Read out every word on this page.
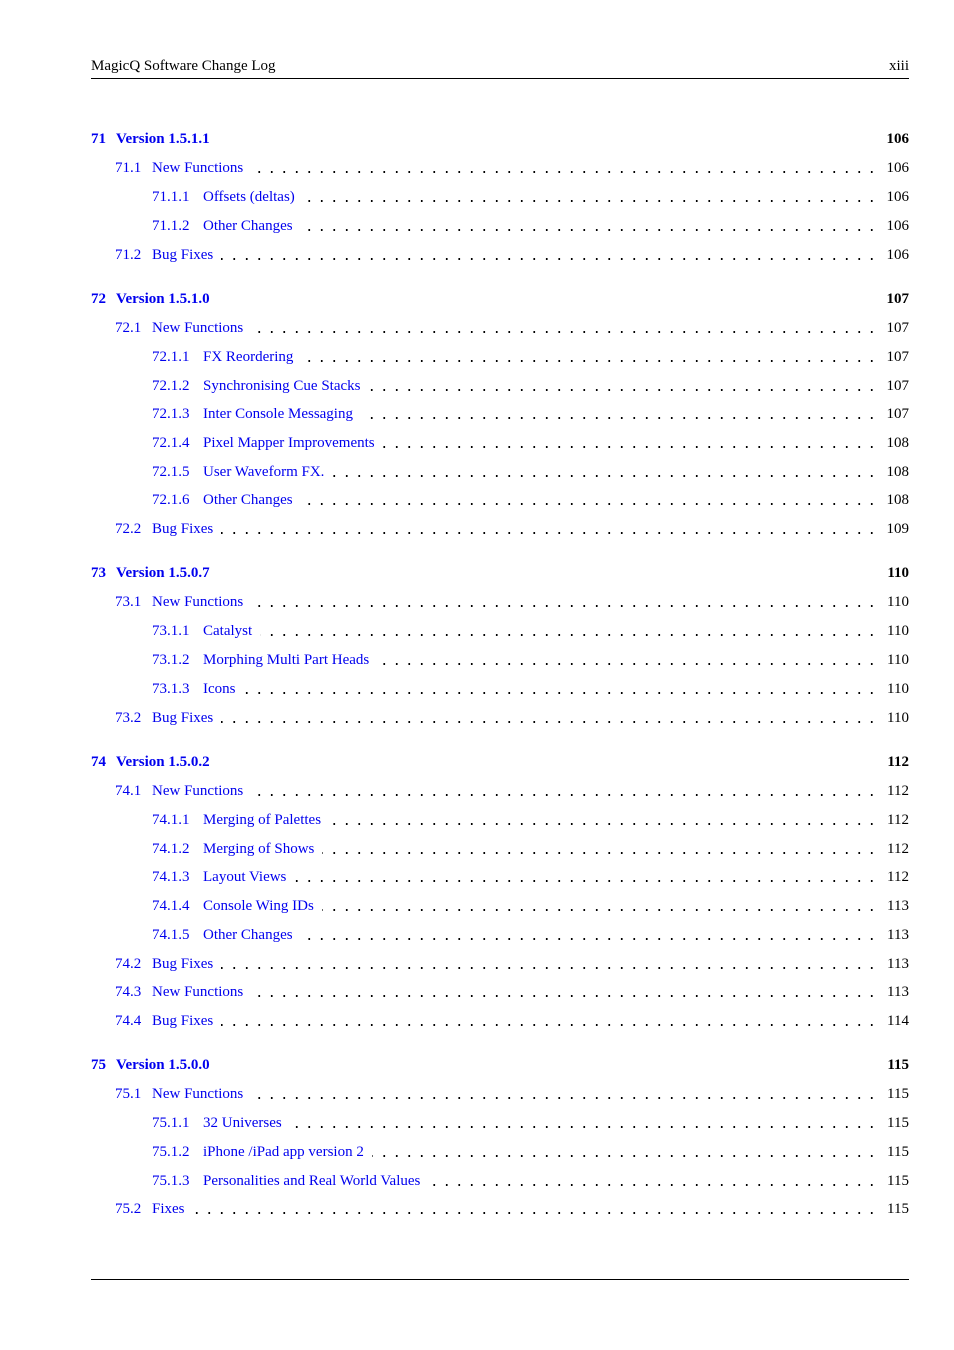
MagicQ Software Change Log	xiii
71 Version 1.5.1.1	106
71.1 New Functions	106
71.1.1 Offsets (deltas)	106
71.1.2 Other Changes	106
71.2 Bug Fixes	106
72 Version 1.5.1.0	107
72.1 New Functions	107
72.1.1 FX Reordering	107
72.1.2 Synchronising Cue Stacks	107
72.1.3 Inter Console Messaging	107
72.1.4 Pixel Mapper Improvements	108
72.1.5 User Waveform FX.	108
72.1.6 Other Changes	108
72.2 Bug Fixes	109
73 Version 1.5.0.7	110
73.1 New Functions	110
73.1.1 Catalyst	110
73.1.2 Morphing Multi Part Heads	110
73.1.3 Icons	110
73.2 Bug Fixes	110
74 Version 1.5.0.2	112
74.1 New Functions	112
74.1.1 Merging of Palettes	112
74.1.2 Merging of Shows	112
74.1.3 Layout Views	112
74.1.4 Console Wing IDs	113
74.1.5 Other Changes	113
74.2 Bug Fixes	113
74.3 New Functions	113
74.4 Bug Fixes	114
75 Version 1.5.0.0	115
75.1 New Functions	115
75.1.1 32 Universes	115
75.1.2 iPhone /iPad app version 2	115
75.1.3 Personalities and Real World Values	115
75.2 Fixes	115
